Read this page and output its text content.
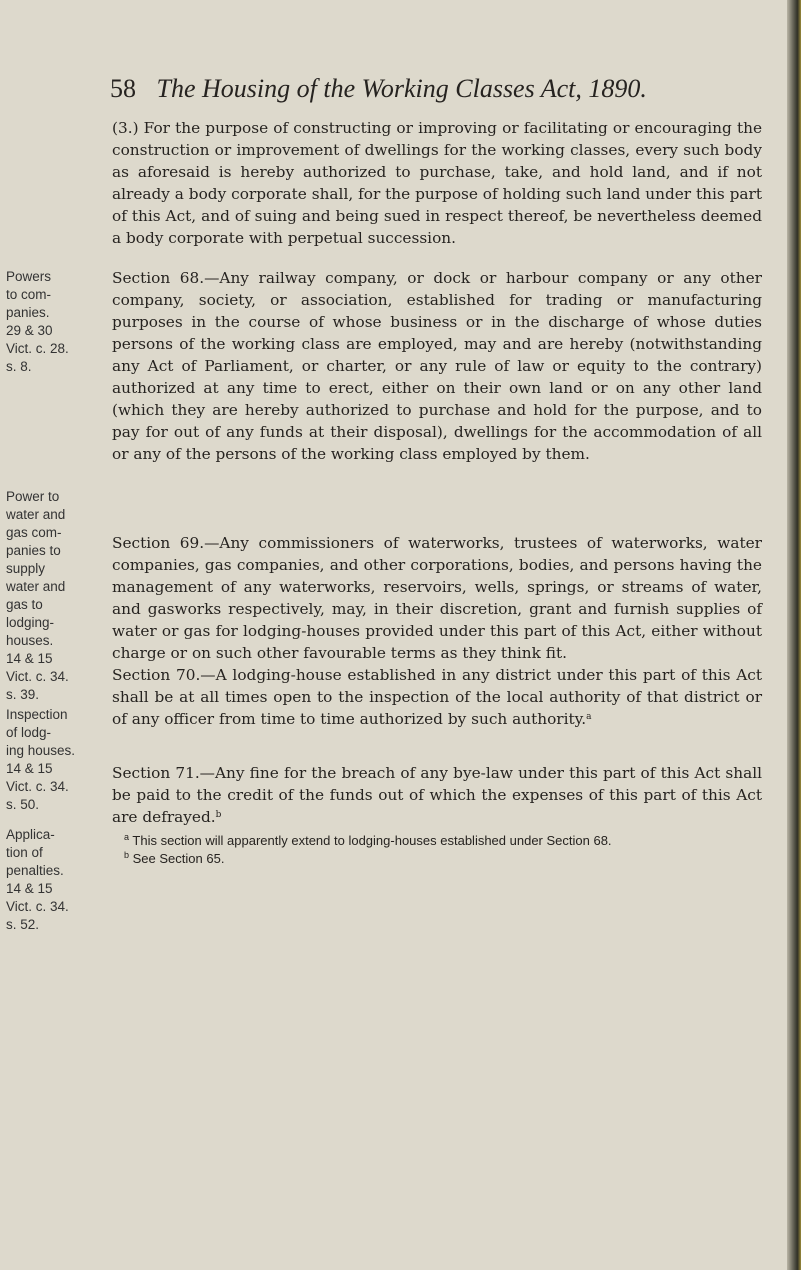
58 The Housing of the Working Classes Act, 1890.
(3.) For the purpose of constructing or improving or facilitating or encouraging the construction or improvement of dwellings for the working classes, every such body as aforesaid is hereby authorized to purchase, take, and hold land, and if not already a body corporate shall, for the purpose of holding such land under this part of this Act, and of suing and being sued in respect thereof, be nevertheless deemed a body corporate with perpetual succession.
Section 68.—Any railway company, or dock or harbour company or any other company, society, or association, established for trading or manufacturing purposes in the course of whose business or in the discharge of whose duties persons of the working class are employed, may and are hereby (notwithstanding any Act of Parliament, or charter, or any rule of law or equity to the contrary) authorized at any time to erect, either on their own land or on any other land (which they are hereby authorized to purchase and hold for the purpose, and to pay for out of any funds at their disposal), dwellings for the accommodation of all or any of the persons of the working class employed by them.
Section 69.—Any commissioners of waterworks, trustees of waterworks, water companies, gas companies, and other corporations, bodies, and persons having the management of any waterworks, reservoirs, wells, springs, or streams of water, and gasworks respectively, may, in their discretion, grant and furnish supplies of water or gas for lodging-houses provided under this part of this Act, either without charge or on such other favourable terms as they think fit.
Section 70.—A lodging-house established in any district under this part of this Act shall be at all times open to the inspection of the local authority of that district or of any officer from time to time authorized by such authority.$^a$
Section 71.—Any fine for the breach of any bye-law under this part of this Act shall be paid to the credit of the funds out of which the expenses of this part of this Act are defrayed.$^b$
$^a$ This section will apparently extend to lodging-houses established under Section 68.
$^b$ See Section 65.
Powers
to com-
panies.
29 & 30
Vict. c. 28.
s. 8.
Power to
water and
gas com-
panies to
supply
water and
gas to
lodging-
houses.
14 & 15
Vict. c. 34.
s. 39.
Inspection
of lodg-
ing houses.
14 & 15
Vict. c. 34.
s. 50.
Applica-
tion of
penalties.
14 & 15
Vict. c. 34.
s. 52.
